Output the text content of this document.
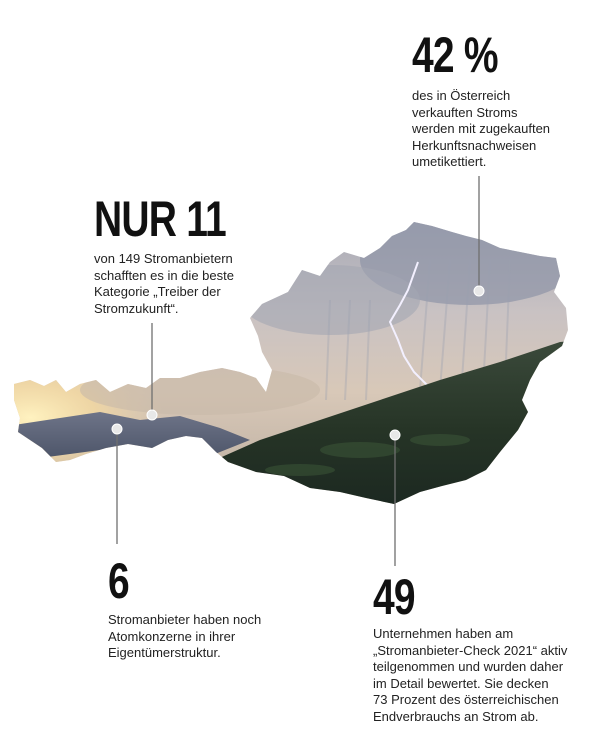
42 %
des in Österreich
verkauften Stroms
werden mit zugekauften
Herkunftsnachweisen
umetikettiert.
NUR 11
von 149 Stromanbietern
schafften es in die beste
Kategorie „Treiber der
Stromzukunft“.
6
Stromanbieter haben noch
Atomkonzerne in ihrer
Eigentümerstruktur.
49
Unternehmen haben am
„Stromanbieter-Check 2021“ aktiv
teilgenommen und wurden daher
im Detail bewertet. Sie decken
73 Prozent des österreichischen
Endverbrauchs an Strom ab.
